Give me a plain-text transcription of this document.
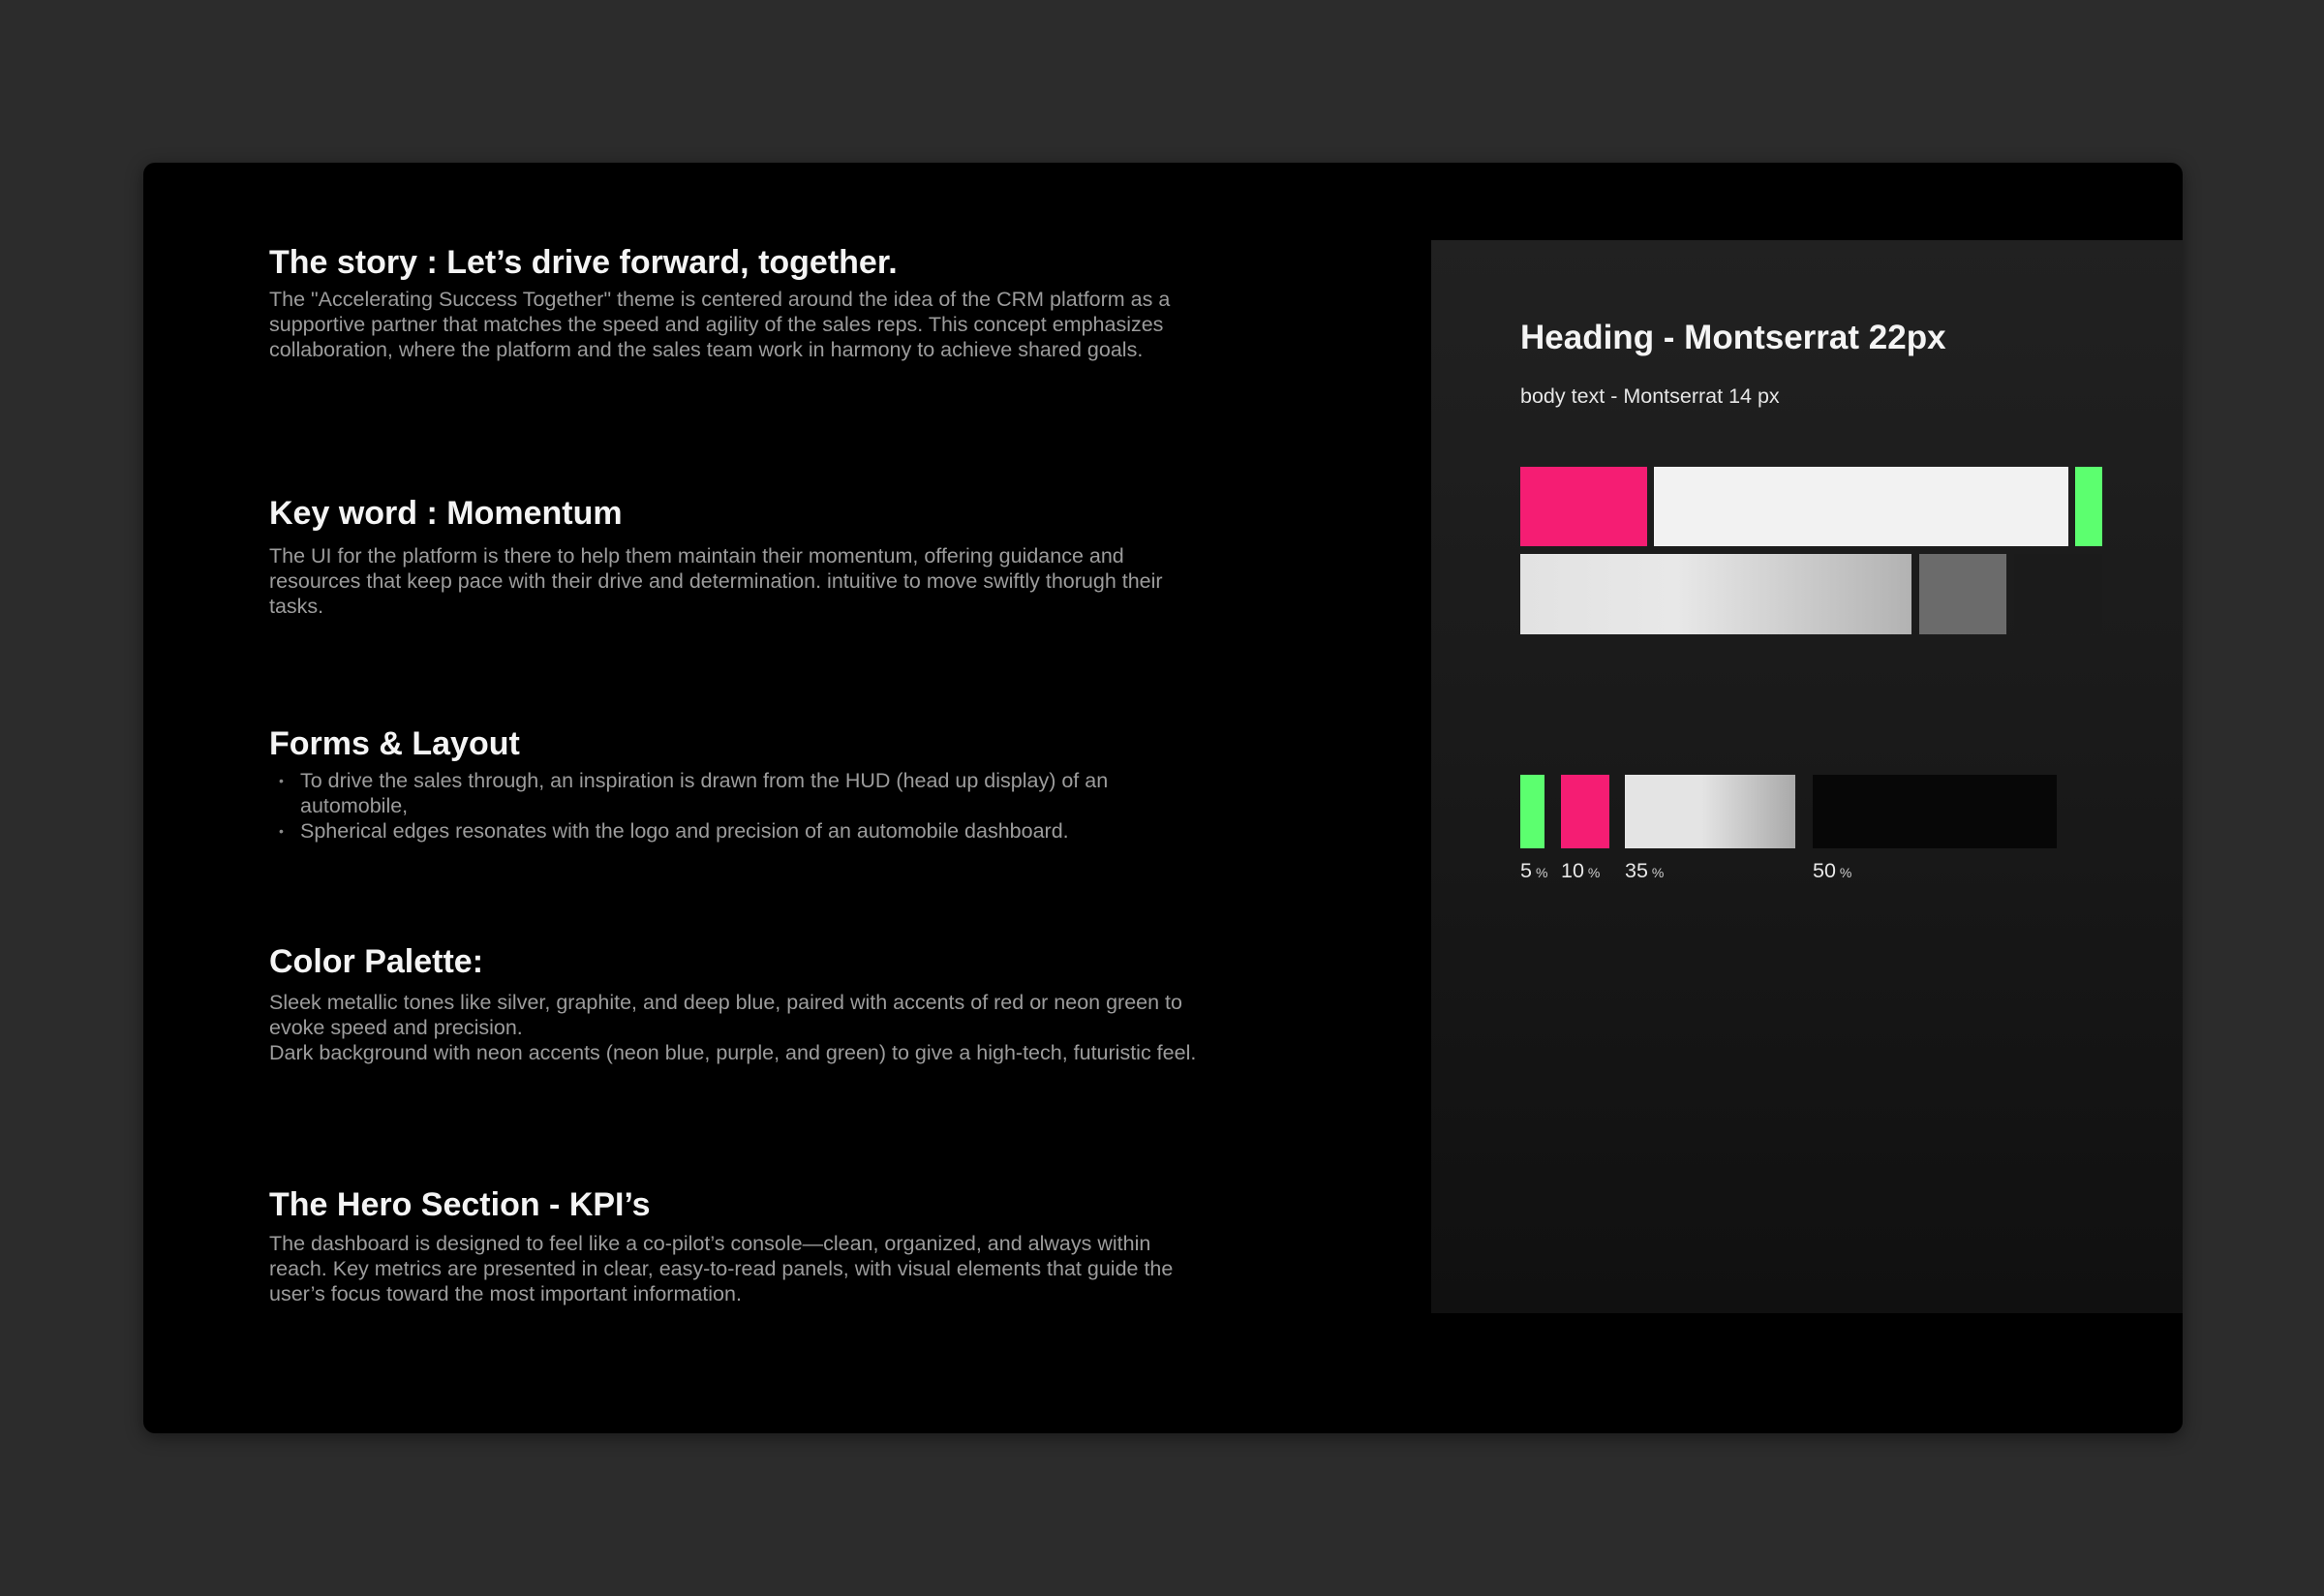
The story : Let’s drive forward, together.

The "Accelerating Success Together" theme is centered around the idea of the CRM platform as a supportive partner that matches the speed and agility of the sales reps. This concept emphasizes collaboration, where the platform and the sales team work in harmony to achieve shared goals.

Key word : Momentum

The UI for the platform is there to help them maintain their momentum, offering guidance and resources that keep pace with their drive and determination. intuitive to move swiftly thorugh their tasks.

Forms & Layout
• To drive the sales through, an inspiration is drawn from the HUD (head up display) of an automobile,
• Spherical edges resonates with the logo and precision of an automobile dashboard.
Color Palette:

Sleek metallic tones like silver, graphite, and deep blue, paired with accents of red or neon green to evoke speed and precision.

Dark background with neon accents (neon blue, purple, and green) to give a high-tech, futuristic feel.

The Hero Section - KPI’s

The dashboard is designed to feel like a co-pilot’s console—clean, organized, and always within reach. Key metrics are presented in clear, easy-to-read panels, with visual elements that guide the user’s focus toward the most important information.

Heading - Montserrat 22px

body text - Montserrat 14 px

5 % 10 % 35 %	50 %
